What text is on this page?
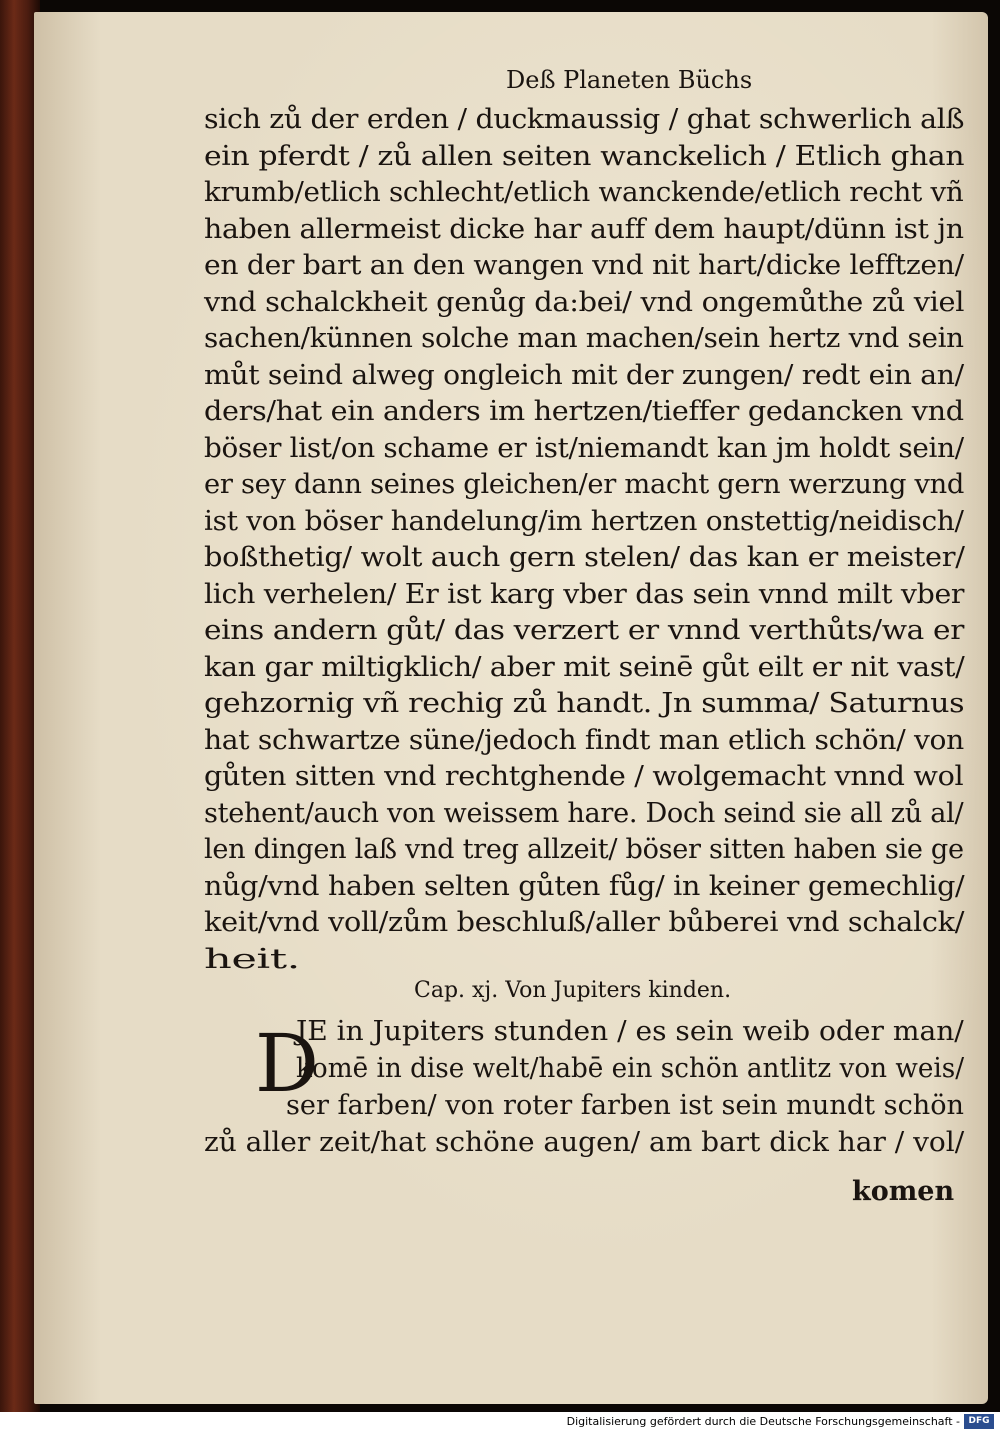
Deß Planeten Büchs
sich zů der erden / duckmaussig / ghat schwerlich alß
ein pferdt / zů allen seiten wanckelich / Etlich ghan
krumb/etlich schlecht/etlich wanckende/etlich recht vñ
haben allermeist dicke har auff dem haupt/dünn ist jn
en der bart an den wangen vnd nit hart/dicke lefftzen/
vnd schalckheit genůg da:bei/ vnd ongemůthe zů viel
sachen/künnen solche man machen/sein hertz vnd sein
můt seind alweg ongleich mit der zungen/ redt ein an/
ders/hat ein anders im hertzen/tieffer gedancken vnd
böser list/on schame er ist/niemandt kan jm holdt sein/
er sey dann seines gleichen/er macht gern werzung vnd
ist von böser handelung/im hertzen onstettig/neidisch/
boßthetig/ wolt auch gern stelen/ das kan er meister/
lich verhelen/ Er ist karg vber das sein vnnd milt vber
eins andern gůt/ das verzert er vnnd verthůts/wa er
kan gar miltigklich/ aber mit seinē gůt eilt er nit vast/
gehzornig vñ rechig zů handt. Jn summa/ Saturnus
hat schwartze süne/jedoch findt man etlich schön/ von
gůten sitten vnd rechtghende / wolgemacht vnnd wol
stehent/auch von weissem hare. Doch seind sie all zů al/
len dingen laß vnd treg allzeit/ böser sitten haben sie ge
nůg/vnd haben selten gůten fůg/ in keiner gemechlig/
keit/vnd voll/zům beschluß/aller bůberei vnd schalck/
heit.
Cap. xj. Von Jupiters kinden.
D
JE in Jupiters stunden / es sein weib oder man/
komē in dise welt/habē ein schön antlitz von weis/
ser farben/ von roter farben ist sein mundt schön
zů aller zeit/hat schöne augen/ am bart dick har / vol/
komen
Digitalisierung gefördert durch die Deutsche Forschungsgemeinschaft - DFG
